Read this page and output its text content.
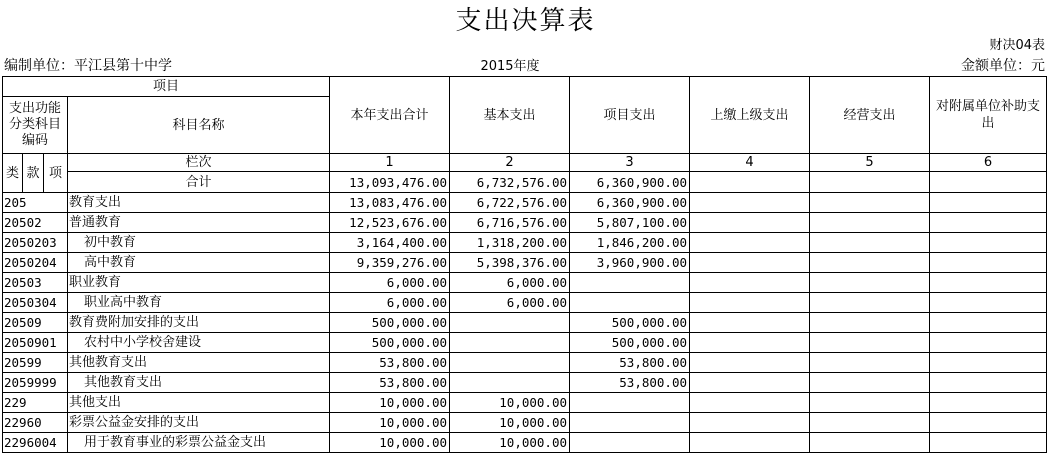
支出决算表
财决04表
编制单位：平江县第十中学	2015年度	金额单位：元
项目				本年支出合计	基本支出	项目支出	上缴上级支出	经营支出	对附属单位补助支出
支出功能分类科目编码			科目名称						

类	款	项	栏次	1	2	3	4	5	6
			合计	13,093,476.00	6,732,576.00	6,360,900.00			
205			教育支出	13,083,476.00	6,722,576.00	6,360,900.00			
20502			普通教育	12,523,676.00	6,716,576.00	5,807,100.00			
2050203			初中教育	3,164,400.00	1,318,200.00	1,846,200.00			
2050204			高中教育	9,359,276.00	5,398,376.00	3,960,900.00			
20503			职业教育	6,000.00	6,000.00				
2050304			职业高中教育	6,000.00	6,000.00				
20509			教育费附加安排的支出	500,000.00		500,000.00			
2050901			农村中小学校舍建设	500,000.00		500,000.00			
20599			其他教育支出	53,800.00		53,800.00			
2059999			其他教育支出	53,800.00		53,800.00			
229			其他支出	10,000.00	10,000.00				
22960			彩票公益金安排的支出	10,000.00	10,000.00				
2296004			用于教育事业的彩票公益金支出	10,000.00	10,000.00				
